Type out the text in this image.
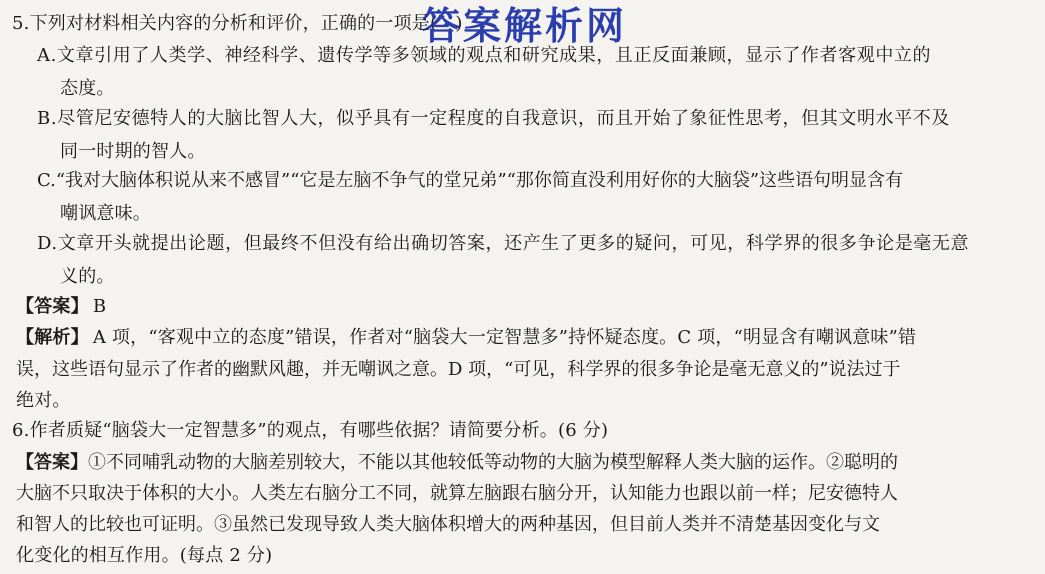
5.下列对材料相关内容的分析和评价，正确的一项是(　)
A.文章引用了人类学、神经科学、遗传学等多领域的观点和研究成果，且正反面兼顾，显示了作者客观中立的
态度。
B.尽管尼安德特人的大脑比智人大，似乎具有一定程度的自我意识，而且开始了象征性思考，但其文明水平不及
同一时期的智人。
C.“我对大脑体积说从来不感冒”“它是左脑不争气的堂兄弟”“那你简直没利用好你的大脑袋”这些语句明显含有
嘲讽意味。
D.文章开头就提出论题，但最终不但没有给出确切答案，还产生了更多的疑问，可见，科学界的很多争论是毫无意
义的。
【答案】 B
【解析】 A 项，“客观中立的态度”错误，作者对“脑袋大一定智慧多”持怀疑态度。C 项，“明显含有嘲讽意味”错
误，这些语句显示了作者的幽默风趣，并无嘲讽之意。D 项，“可见，科学界的很多争论是毫无意义的”说法过于
绝对。
6.作者质疑“脑袋大一定智慧多”的观点，有哪些依据？请简要分析。(6 分)
【答案】①不同哺乳动物的大脑差别较大，不能以其他较低等动物的大脑为模型解释人类大脑的运作。②聪明的
大脑不只取决于体积的大小。人类左右脑分工不同，就算左脑跟右脑分开，认知能力也跟以前一样；尼安德特人
和智人的比较也可证明。③虽然已发现导致人类大脑体积增大的两种基因，但目前人类并不清楚基因变化与文
化变化的相互作用。(每点 2 分)
答案解析网
